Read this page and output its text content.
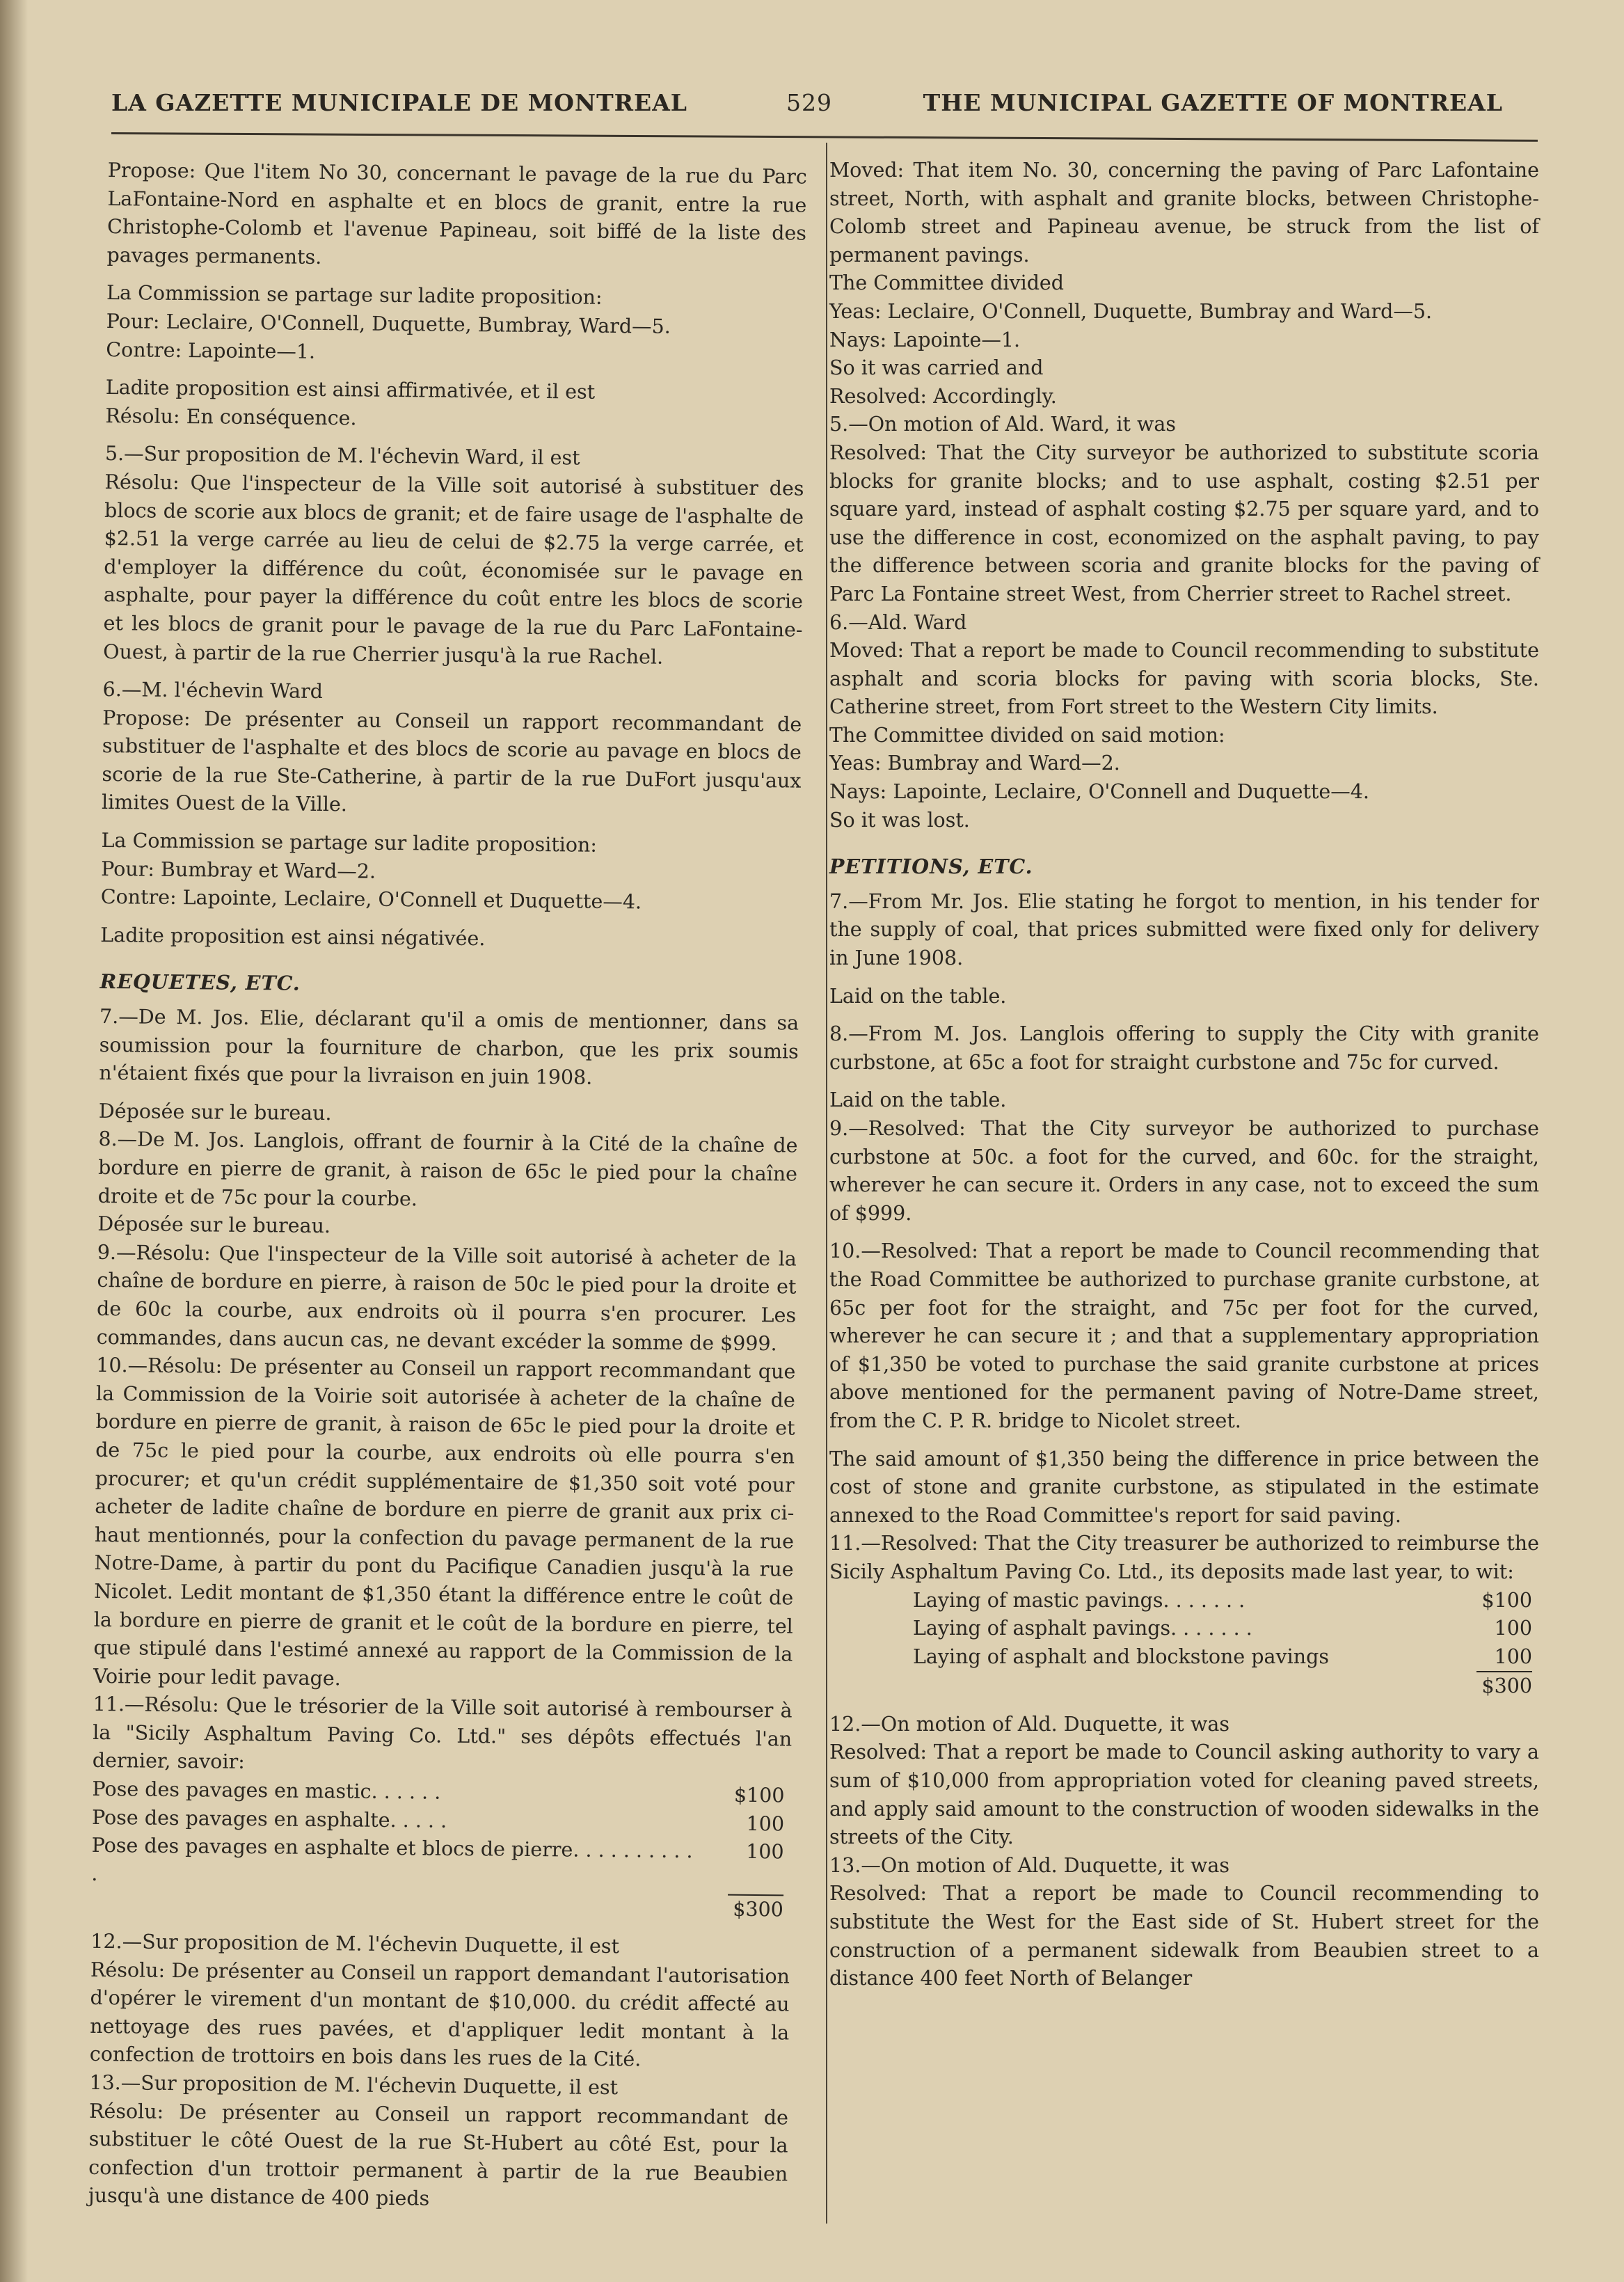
LA GAZETTE MUNICIPALE DE MONTREAL	529	THE MUNICIPAL GAZETTE OF MONTREAL

Propose: Que l'item No 30, concernant le pavage de la rue du Parc LaFontaine-Nord en asphalte et en blocs de granit, entre la rue Christophe-Colomb et l'avenue Papineau, soit biffé de la liste des pavages permanents.

La Commission se partage sur ladite proposition:

Pour: Leclaire, O'Connell, Duquette, Bumbray, Ward—5.

Contre: Lapointe—1.

Ladite proposition est ainsi affirmativée, et il est

Résolu: En conséquence.

5.—Sur proposition de M. l'échevin Ward, il est

Résolu: Que l'inspecteur de la Ville soit autorisé à substituer des blocs de scorie aux blocs de granit; et de faire usage de l'asphalte de $2.51 la verge carrée au lieu de celui de $2.75 la verge carrée, et d'employer la différence du coût, économisée sur le pavage en asphalte, pour payer la différence du coût entre les blocs de scorie et les blocs de granit pour le pavage de la rue du Parc LaFontaine-Ouest, à partir de la rue Cherrier jusqu'à la rue Rachel.

6.—M. l'échevin Ward

Propose: De présenter au Conseil un rapport recommandant de substituer de l'asphalte et des blocs de scorie au pavage en blocs de scorie de la rue Ste-Catherine, à partir de la rue DuFort jusqu'aux limites Ouest de la Ville.

La Commission se partage sur ladite proposition:

Pour: Bumbray et Ward—2.

Contre: Lapointe, Leclaire, O'Connell et Duquette—4.

Ladite proposition est ainsi négativée.

REQUETES, ETC.

7.—De M. Jos. Elie, déclarant qu'il a omis de mentionner, dans sa soumission pour la fourniture de charbon, que les prix soumis n'étaient fixés que pour la livraison en juin 1908.

Déposée sur le bureau.

8.—De M. Jos. Langlois, offrant de fournir à la Cité de la chaîne de bordure en pierre de granit, à raison de 65c le pied pour la chaîne droite et de 75c pour la courbe.

Déposée sur le bureau.

9.—Résolu: Que l'inspecteur de la Ville soit autorisé à acheter de la chaîne de bordure en pierre, à raison de 50c le pied pour la droite et de 60c la courbe, aux endroits où il pourra s'en procurer. Les commandes, dans aucun cas, ne devant excéder la somme de $999.

10.—Résolu: De présenter au Conseil un rapport recommandant que la Commission de la Voirie soit autorisée à acheter de la chaîne de bordure en pierre de granit, à raison de 65c le pied pour la droite et de 75c le pied pour la courbe, aux endroits où elle pourra s'en procurer; et qu'un crédit supplémentaire de $1,350 soit voté pour acheter de ladite chaîne de bordure en pierre de granit aux prix ci-haut mentionnés, pour la confection du pavage permanent de la rue Notre-Dame, à partir du pont du Pacifique Canadien jusqu'à la rue Nicolet. Ledit montant de $1,350 étant la différence entre le coût de la bordure en pierre de granit et le coût de la bordure en pierre, tel que stipulé dans l'estimé annexé au rapport de la Commission de la Voirie pour ledit pavage.

11.—Résolu: Que le trésorier de la Ville soit autorisé à rembourser à la "Sicily Asphaltum Paving Co. Ltd." ses dépôts effectués l'an dernier, savoir:

Pose des pavages en mastic. . . . . .	$100
Pose des pavages en asphalte. . . . .	100
Pose des pavages en asphalte et blocs de pierre. . . . . . . . . . .	100

$300

12.—Sur proposition de M. l'échevin Duquette, il est

Résolu: De présenter au Conseil un rapport demandant l'autorisation d'opérer le virement d'un montant de $10,000. du crédit affecté au nettoyage des rues pavées, et d'appliquer ledit montant à la confection de trottoirs en bois dans les rues de la Cité.

13.—Sur proposition de M. l'échevin Duquette, il est

Résolu: De présenter au Conseil un rapport recommandant de substituer le côté Ouest de la rue St-Hubert au côté Est, pour la confection d'un trottoir permanent à partir de la rue Beaubien jusqu'à une distance de 400 pieds

Moved: That item No. 30, concerning the paving of Parc Lafontaine street, North, with asphalt and granite blocks, between Christophe-Colomb street and Papineau avenue, be struck from the list of permanent pavings.

The Committee divided

Yeas: Leclaire, O'Connell, Duquette, Bumbray and Ward—5.

Nays: Lapointe—1.

So it was carried and

Resolved: Accordingly.

5.—On motion of Ald. Ward, it was

Resolved: That the City surveyor be authorized to substitute scoria blocks for granite blocks; and to use asphalt, costing $2.51 per square yard, instead of asphalt costing $2.75 per square yard, and to use the difference in cost, economized on the asphalt paving, to pay the difference between scoria and granite blocks for the paving of Parc La Fontaine street West, from Cherrier street to Rachel street.

6.—Ald. Ward

Moved: That a report be made to Council recommending to substitute asphalt and scoria blocks for paving with scoria blocks, Ste. Catherine street, from Fort street to the Western City limits.

The Committee divided on said motion:

Yeas: Bumbray and Ward—2.

Nays: Lapointe, Leclaire, O'Connell and Duquette—4.

So it was lost.

PETITIONS, ETC.

7.—From Mr. Jos. Elie stating he forgot to mention, in his tender for the supply of coal, that prices submitted were fixed only for delivery in June 1908.

Laid on the table.

8.—From M. Jos. Langlois offering to supply the City with granite curbstone, at 65c a foot for straight curbstone and 75c for curved.

Laid on the table.

9.—Resolved: That the City surveyor be authorized to purchase curbstone at 50c. a foot for the curved, and 60c. for the straight, wherever he can secure it. Orders in any case, not to exceed the sum of $999.

10.—Resolved: That a report be made to Council recommending that the Road Committee be authorized to purchase granite curbstone, at 65c per foot for the straight, and 75c per foot for the curved, wherever he can secure it ; and that a supplementary appropriation of $1,350 be voted to purchase the said granite curbstone at prices above mentioned for the permanent paving of Notre-Dame street, from the C. P. R. bridge to Nicolet street.

The said amount of $1,350 being the difference in price between the cost of stone and granite curbstone, as stipulated in the estimate annexed to the Road Committee's report for said paving.

11.—Resolved: That the City treasurer be authorized to reimburse the Sicily Asphaltum Paving Co. Ltd., its deposits made last year, to wit:

Laying of mastic pavings. . . . . . .	$100
Laying of asphalt pavings. . . . . . .	100
Laying of asphalt and blockstone pavings	100

$300

12.—On motion of Ald. Duquette, it was

Resolved: That a report be made to Council asking authority to vary a sum of $10,000 from appropriation voted for cleaning paved streets, and apply said amount to the construction of wooden sidewalks in the streets of the City.

13.—On motion of Ald. Duquette, it was

Resolved: That a report be made to Council recommending to substitute the West for the East side of St. Hubert street for the construction of a permanent sidewalk from Beaubien street to a distance 400 feet North of Belanger
